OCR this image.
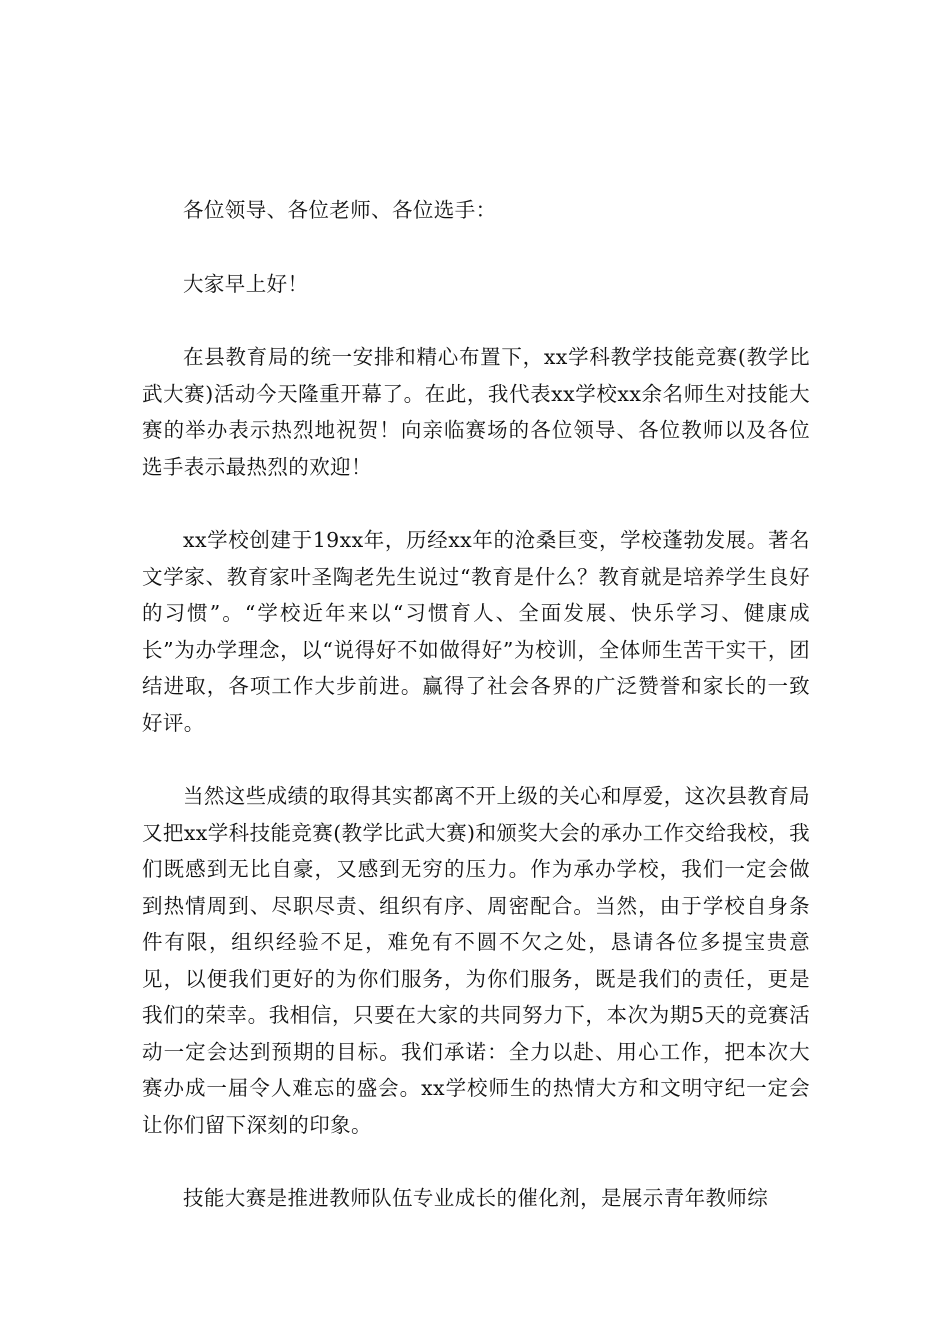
各位领导、各位老师、各位选手：

大家早上好！

在县教育局的统一安排和精心布置下，xx学科教学技能竞赛(教学比武大赛)活动今天隆重开幕了。在此，我代表xx学校xx余名师生对技能大赛的举办表示热烈地祝贺！向亲临赛场的各位领导、各位教师以及各位选手表示最热烈的欢迎！

xx学校创建于19xx年，历经xx年的沧桑巨变，学校蓬勃发展。著名文学家、教育家叶圣陶老先生说过“教育是什么？教育就是培养学生良好的习惯”。“学校近年来以“习惯育人、全面发展、快乐学习、健康成长”为办学理念，以“说得好不如做得好”为校训，全体师生苦干实干，团结进取，各项工作大步前进。赢得了社会各界的广泛赞誉和家长的一致好评。

当然这些成绩的取得其实都离不开上级的关心和厚爱，这次县教育局又把xx学科技能竞赛(教学比武大赛)和颁奖大会的承办工作交给我校，我们既感到无比自豪，又感到无穷的压力。作为承办学校，我们一定会做到热情周到、尽职尽责、组织有序、周密配合。当然，由于学校自身条件有限，组织经验不足，难免有不圆不欠之处，恳请各位多提宝贵意见，以便我们更好的为你们服务，为你们服务，既是我们的责任，更是我们的荣幸。我相信，只要在大家的共同努力下，本次为期5天的竞赛活动一定会达到预期的目标。我们承诺：全力以赴、用心工作，把本次大赛办成一届令人难忘的盛会。xx学校师生的热情大方和文明守纪一定会让你们留下深刻的印象。

技能大赛是推进教师队伍专业成长的催化剂，是展示青年教师综
